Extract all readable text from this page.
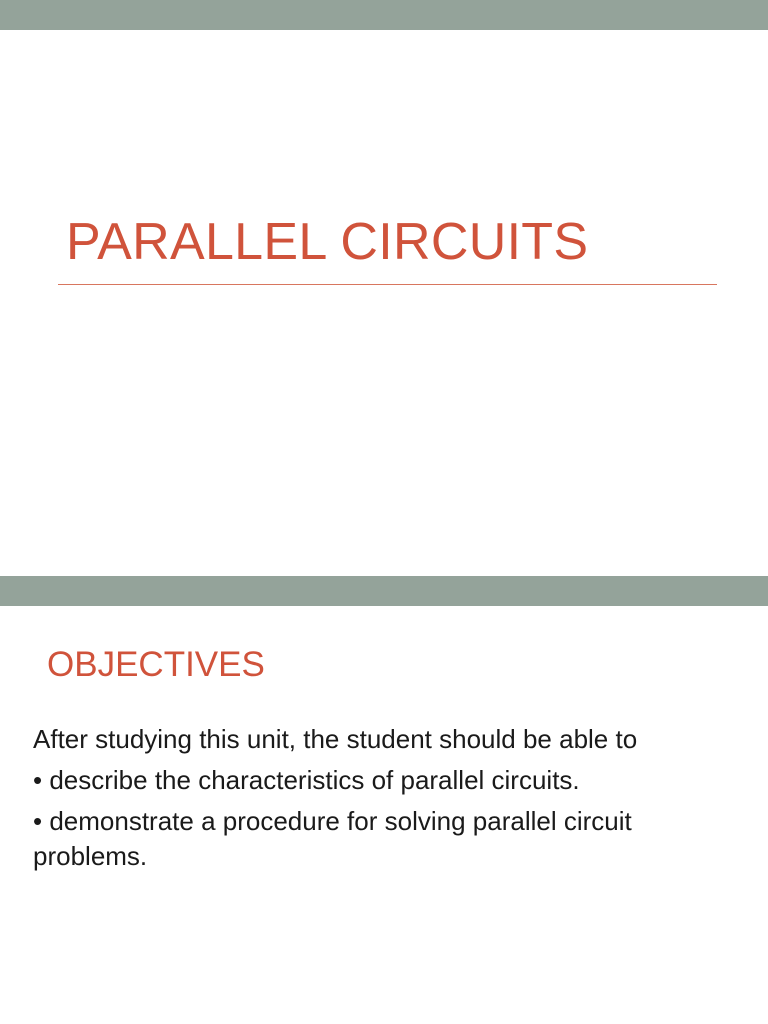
PARALLEL CIRCUITS
OBJECTIVES

After studying this unit, the student should be able to

• describe the characteristics of parallel circuits.

• demonstrate a procedure for solving parallel circuit problems.
